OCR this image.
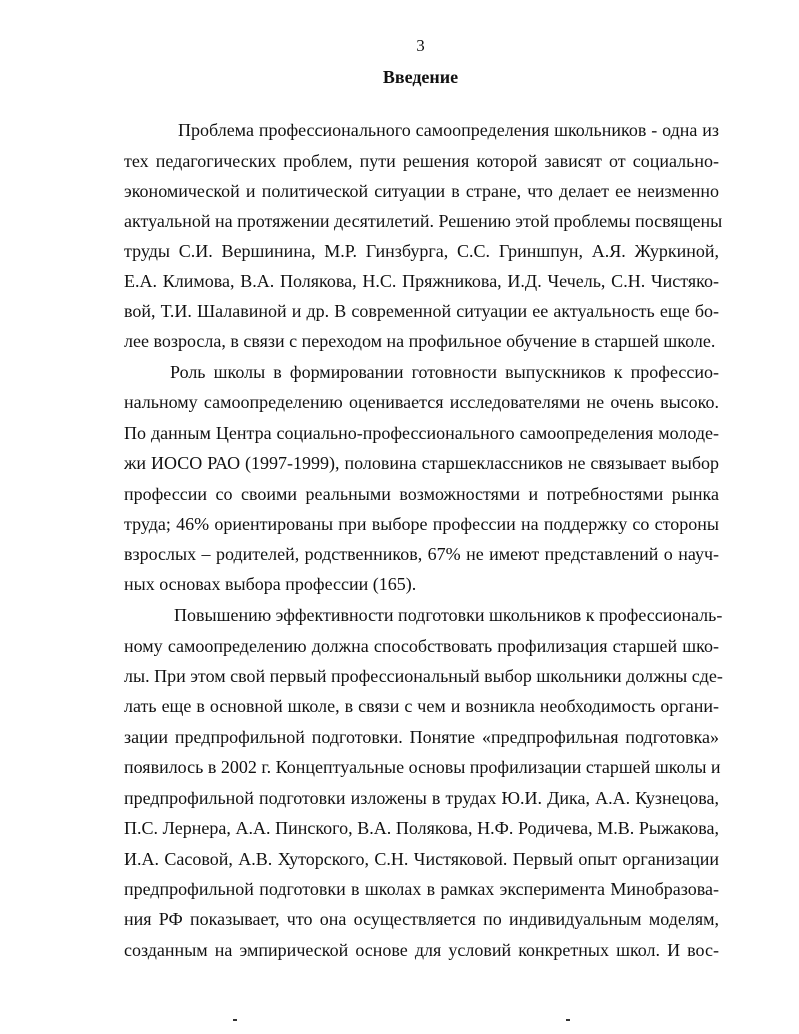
3
Введение

Проблема профессионального самоопределения школьников - одна из

тех педагогических проблем, пути решения которой зависят от социально-

экономической и политической ситуации в стране, что делает ее неизменно

актуальной на протяжении десятилетий. Решению этой проблемы посвящены

труды С.И. Вершинина, М.Р. Гинзбурга, С.С. Гриншпун, А.Я. Журкиной,

Е.А. Климова, В.А. Полякова, Н.С. Пряжникова, И.Д. Чечель, С.Н. Чистяко-

вой, Т.И. Шалавиной и др. В современной ситуации ее актуальность еще бо-

лее возросла, в связи с переходом на профильное обучение в старшей школе.

Роль школы в формировании готовности выпускников к профессио-

нальному самоопределению оценивается исследователями не очень высоко.

По данным Центра социально-профессионального самоопределения молоде-

жи ИОСО РАО (1997-1999), половина старшеклассников не связывает выбор

профессии со своими реальными возможностями и потребностями рынка

труда; 46% ориентированы при выборе профессии на поддержку со стороны

взрослых – родителей, родственников, 67% не имеют представлений о науч-

ных основах выбора профессии (165).

Повышению эффективности подготовки школьников к профессиональ-

ному самоопределению должна способствовать профилизация старшей шко-

лы. При этом свой первый профессиональный выбор школьники должны сде-

лать еще в основной школе, в связи с чем и возникла необходимость органи-

зации предпрофильной подготовки. Понятие «предпрофильная подготовка»

появилось в 2002 г. Концептуальные основы профилизации старшей школы и

предпрофильной подготовки изложены в трудах Ю.И. Дика, А.А. Кузнецова,

П.С. Лернера, А.А. Пинского, В.А. Полякова, Н.Ф. Родичева, М.В. Рыжакова,

И.А. Сасовой, А.В. Хуторского, С.Н. Чистяковой. Первый опыт организации

предпрофильной подготовки в школах в рамках эксперимента Минобразова-

ния РФ показывает, что она осуществляется по индивидуальным моделям,

созданным на эмпирической основе для условий конкретных школ. И вос-
